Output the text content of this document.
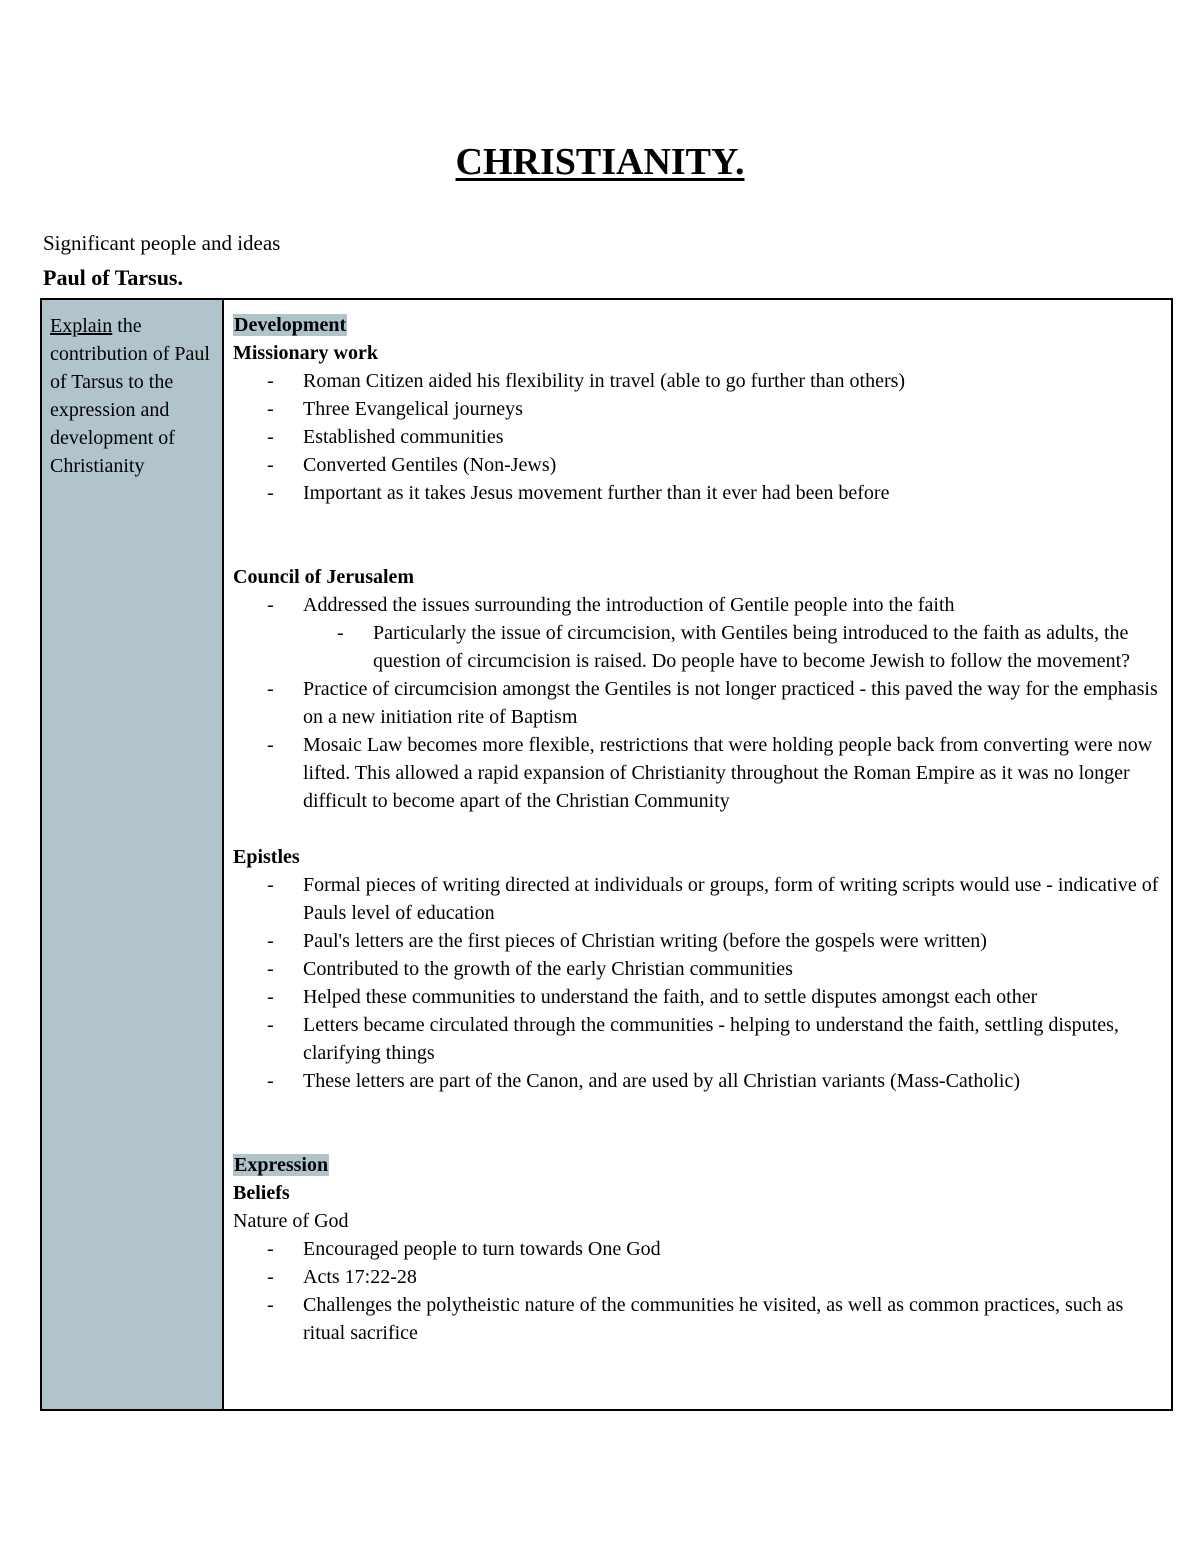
CHRISTIANITY.
Significant people and ideas
Paul of Tarsus.
Explain the contribution of Paul of Tarsus to the expression and development of Christianity
Development
Missionary work
- Roman Citizen aided his flexibility in travel (able to go further than others)
- Three Evangelical journeys
- Established communities
- Converted Gentiles (Non-Jews)
- Important as it takes Jesus movement further than it ever had been before
Council of Jerusalem
- Addressed the issues surrounding the introduction of Gentile people into the faith
- Particularly the issue of circumcision, with Gentiles being introduced to the faith as adults, the question of circumcision is raised. Do people have to become Jewish to follow the movement?
- Practice of circumcision amongst the Gentiles is not longer practiced - this paved the way for the emphasis on a new initiation rite of Baptism
- Mosaic Law becomes more flexible, restrictions that were holding people back from converting were now lifted. This allowed a rapid expansion of Christianity throughout the Roman Empire as it was no longer difficult to become apart of the Christian Community
Epistles
- Formal pieces of writing directed at individuals or groups, form of writing scripts would use - indicative of Pauls level of education
- Paul's letters are the first pieces of Christian writing (before the gospels were written)
- Contributed to the growth of the early Christian communities
- Helped these communities to understand the faith, and to settle disputes amongst each other
- Letters became circulated through the communities - helping to understand the faith, settling disputes, clarifying things
- These letters are part of the Canon, and are used by all Christian variants (Mass-Catholic)
Expression
Beliefs
Nature of God
- Encouraged people to turn towards One God
- Acts 17:22-28
- Challenges the polytheistic nature of the communities he visited, as well as common practices, such as ritual sacrifice
